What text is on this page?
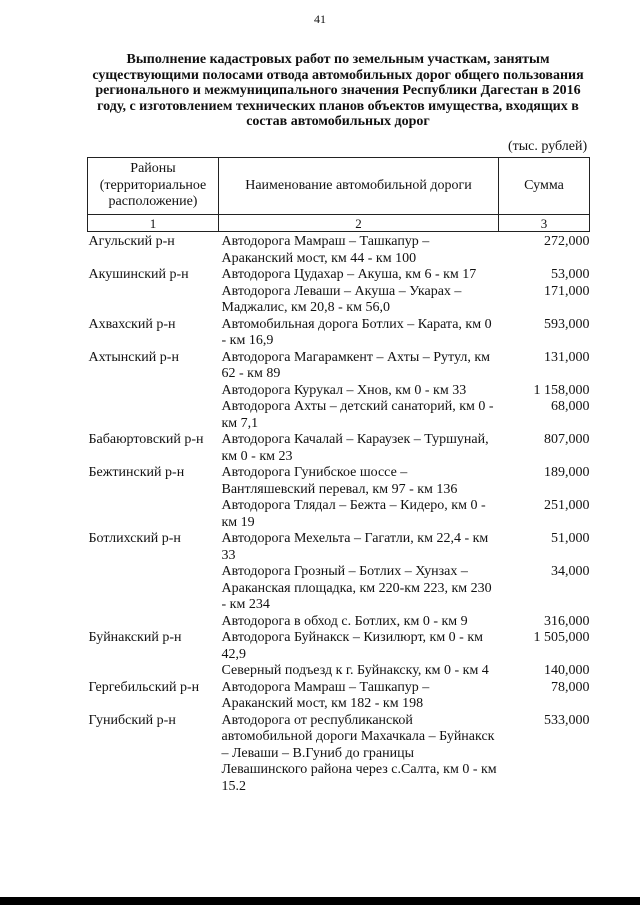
41
Выполнение кадастровых работ по земельным участкам, занятым существующими полосами отвода автомобильных дорог общего пользования регионального и межмуниципального значения Республики Дагестан в 2016 году, с изготовлением технических планов объектов имущества, входящих в состав автомобильных дорог
(тыс. рублей)
Районы (территориальное расположение)	Наименование автомобильной дороги	Сумма
1	2	3
Агульский р-н	Автодорога Мамраш – Ташкапур – Араканский мост, км 44 - км 100	272,000
Акушинский р-н	Автодорога Цудахар – Акуша, км 6 - км 17	53,000
	Автодорога Леваши – Акуша – Укарах – Маджалис, км 20,8 - км 56,0	171,000
Ахвахский р-н	Автомобильная дорога Ботлих – Карата, км 0 - км 16,9	593,000
Ахтынский р-н	Автодорога Магарамкент – Ахты – Рутул, км 62 - км 89	131,000
	Автодорога Курукал – Хнов, км 0 - км 33	1 158,000
	Автодорога Ахты – детский санаторий, км 0 - км 7,1	68,000
Бабаюртовский р-н	Автодорога Качалай – Караузек – Туршунай, км 0 - км 23	807,000
Бежтинский р-н	Автодорога Гунибское шоссе – Вантляшевский перевал, км 97 - км 136	189,000
	Автодорога Тлядал – Бежта – Кидеро, км 0 - км 19	251,000
Ботлихский р-н	Автодорога Мехельта – Гагатли, км 22,4 - км 33	51,000
	Автодорога Грозный – Ботлих – Хунзах – Араканская площадка, км 220-км 223, км 230 - км 234	34,000
	Автодорога в обход с. Ботлих, км 0 - км 9	316,000
Буйнакский р-н	Автодорога Буйнакск – Кизилюрт, км 0 - км 42,9	1 505,000
	Северный подъезд к г. Буйнакску, км 0 - км 4	140,000
Гергебильский р-н	Автодорога Мамраш – Ташкапур – Араканский мост, км 182 - км 198	78,000
Гунибский р-н	Автодорога от республиканской автомобильной дороги Махачкала – Буйнакск – Леваши – В.Гуниб до границы Левашинского района через с.Салта, км 0 - км 15.2	533,000
